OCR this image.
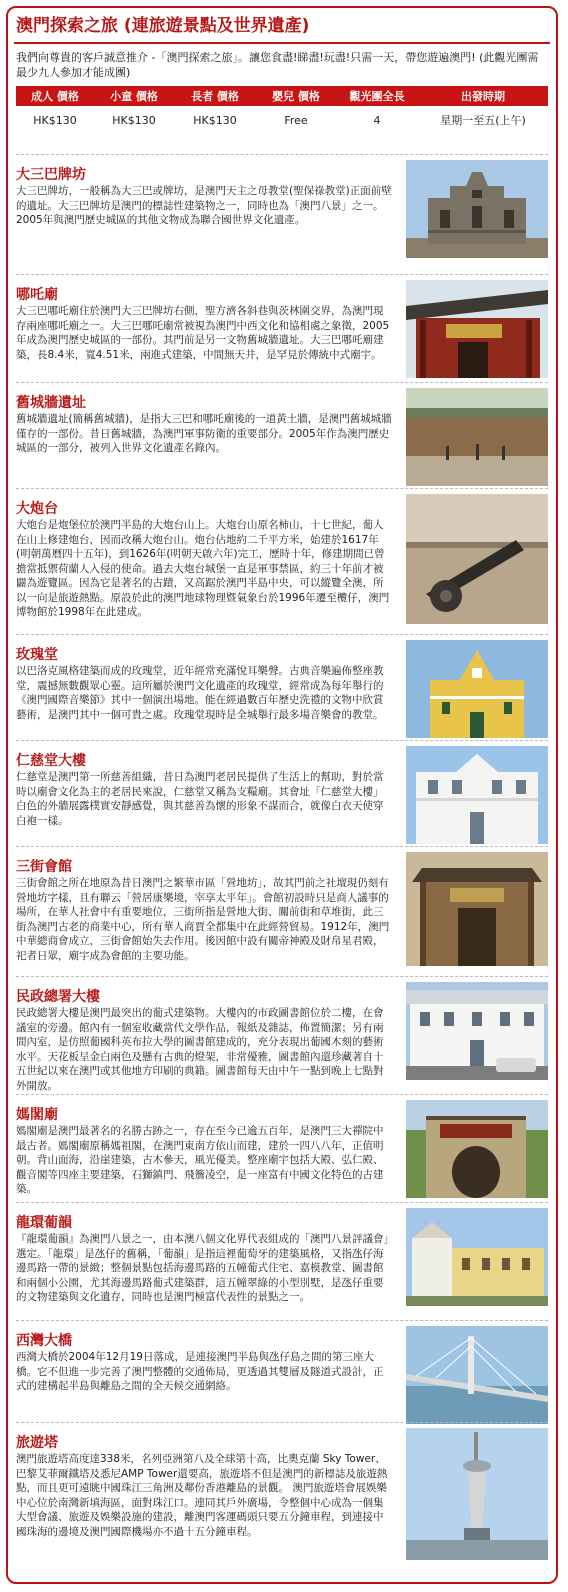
澳門探索之旅 (連旅遊景點及世界遺產)
我們向尊貴的客戶誠意推介 -「澳門探索之旅」。讓您食盡!睇盡!玩盡!只需一天，帶您遊遍澳門! (此觀光團需最少九人參加才能成團)
成人 價格	小童 價格	長者 價格	嬰兒 價格	觀光團全長	出發時期
HK$130	HK$130	HK$130	Free	4	星期一至五(上午)
大三巴牌坊
大三巴牌坊，一般稱為大三巴或牌坊，是澳門天主之母教堂(聖保祿教堂)正面前壁的遺址。大三巴牌坊是澳門的標誌性建築物之一，同時也為「澳門八景」之一。2005年與澳門歷史城區的其他文物成為聯合國世界文化遺產。
哪吒廟
大三巴哪吒廟住於澳門大三巴牌坊右側，聖方濟各斜巷與茨林圍交界，為澳門現存兩座哪吒廟之一。大三巴哪吒廟常被視為澳門中西文化和協相處之象徵，2005年成為澳門歷史城區的一部份。其門前是另一文物舊城牆遺址。大三巴哪吒廟建築，長8.4米，寬4.51米，兩進式建築，中間無天井，是罕見於傳統中式廟宇。
舊城牆遺址
舊城牆遺址(簡稱舊城牆)，是指大三巴和哪吒廟後的一道黃土牆，是澳門舊城城牆僅存的一部份。昔日舊城牆，為澳門軍事防衛的重要部分。2005年作為澳門歷史城區的一部分，被列入世界文化遺產名錄內。
大炮台
大炮台是炮堡位於澳門半島的大炮台山上。大炮台山原名柿山，十七世紀，葡人在山上修建炮台，因而改稱大炮台山。炮台佔地約二千平方米，始建於1617年(明朝萬曆四十五年)，到1626年(明朝天啟六年)完工，歷時十年，修建期間已曾擔當抵禦荷蘭人入侵的使命。過去大炮台城堡一直是軍事禁區，約三十年前才被闢為遊覽區。因為它是著名的古蹟，又高踞於澳門半島中央，可以縱覽全澳，所以一向是旅遊熱點。原設於此的澳門地球物理暨氣象台於1996年遷至欖仔，澳門博物館於1998年在此建成。
玫瑰堂
以巴洛克風格建築而成的玫瑰堂，近年經常充滿悅耳樂聲。古典音樂遍佈整座教堂，震撼無數觀眾心靈。這所屬於澳門文化遺產的玫瑰堂，經常成為每年舉行的《澳門國際音樂節》其中一個演出場地。能在經過數百年歷史洗禮的文物中欣賞藝術，是澳門其中一個可貴之處。玫瑰堂現時是全城舉行最多場音樂會的教堂。
仁慈堂大樓
仁慈堂是澳門第一所慈善組織，昔日為澳門老居民提供了生活上的幫助，對於當時以廟會文化為主的老居民來說，仁慈堂又稱為支糧廟。其會址「仁慈堂大樓」白色的外牆展露樸實安靜感覺，與其慈善為懷的形象不謀而合，就像白衣天使穿白袍一樣。
三街會館
三街會館之所在地原為昔日澳門之繁華市區「營地坊」，故其門前之社壇現仍刻有營地坊字樣，且有聯云「營居康樂境，宰享太平年」。會館初設時只是商人議事的場所，在華人社會中有重要地位，三街所指是營地大街、關前街和草堆街，此三街為澳門古老的商業中心，所有華人商賈全都集中在此經營貿易。1912年，澳門中華總商會成立，三街會館始失去作用。後因館中設有關帝神殿及財帛星君殿，祀者日眾，廟宇成為會館的主要功能。
民政總署大樓
民政總署大樓是澳門最突出的葡式建築物。大樓內的市政圖書館位於二樓，在會議室的旁邊。館內有一個室收藏當代文學作品，報紙及雜誌，佈置簡潔；另有兩間內室，是仿照葡國科英布拉大學的圖書館建成的，充分表現出葡國木刻的藝術水平。天花板呈金白兩色及懸有古典的燈架，非常優雅，圖書館內還珍藏著自十五世紀以來在澳門或其他地方印刷的典籍。圖書館每天由中午一點到晚上七點對外開放。
媽閣廟
媽閣廟是澳門最著名的名勝古跡之一，存在至今已逾五百年，是澳門三大禪院中最古者。媽閣廟原稱媽祖閣，在澳門東南方依山而建，建於一四八八年，正值明朝。背山面海，沿崖建築，古木參天，風光優美。整座廟宇包括大殿、弘仁殿、觀音閣等四座主要建築，石獅鎮門、飛簷凌空，是一座富有中國文化特色的古建築。
龍環葡韻
『龍環葡韻』為澳門八景之一，由本澳八個文化界代表組成的「澳門八景評議會」選定。「龍環」是氹仔的舊稱，「葡韻」是指這裡葡萄牙的建築風格，又指氹仔海邊馬路一帶的景緻；整個景點包括海邊馬路的五幢葡式住宅、嘉模教堂、圖書館和兩個小公園，尤其海邊馬路葡式建築群，這五幢翠綠的小型別墅，是氹仔重要的文物建築與文化遺存，同時也是澳門極富代表性的景點之一。
西灣大橋
西灣大橋於2004年12月19日落成，是連接澳門半島與氹仔島之間的第三座大橋。它不但進一步完善了澳門整體的交通佈局，更透過其雙層及隧道式設計，正式的建構起半島與離島之間的全天候交通網絡。
旅遊塔
澳門旅遊塔高度達338米，名列亞洲第八及全球第十高，比奧克蘭 Sky Tower、巴黎艾菲爾鐵塔及悉尼AMP Tower還要高，旅遊塔不但是澳門的新標誌及旅遊熱點，而且更可遠眺中國珠江三角洲及鄰份香港離島的景觀。 澳門旅遊塔會展娛樂中心位於南灣新填海區，面對珠江口。連同其戶外廣場，令整個中心成為一個集大型會議、旅遊及娛樂設施的建設，離澳門客運碼頭只要五分鐘車程，到連接中國珠海的邊境及澳門國際機場亦不過十五分鐘車程。
